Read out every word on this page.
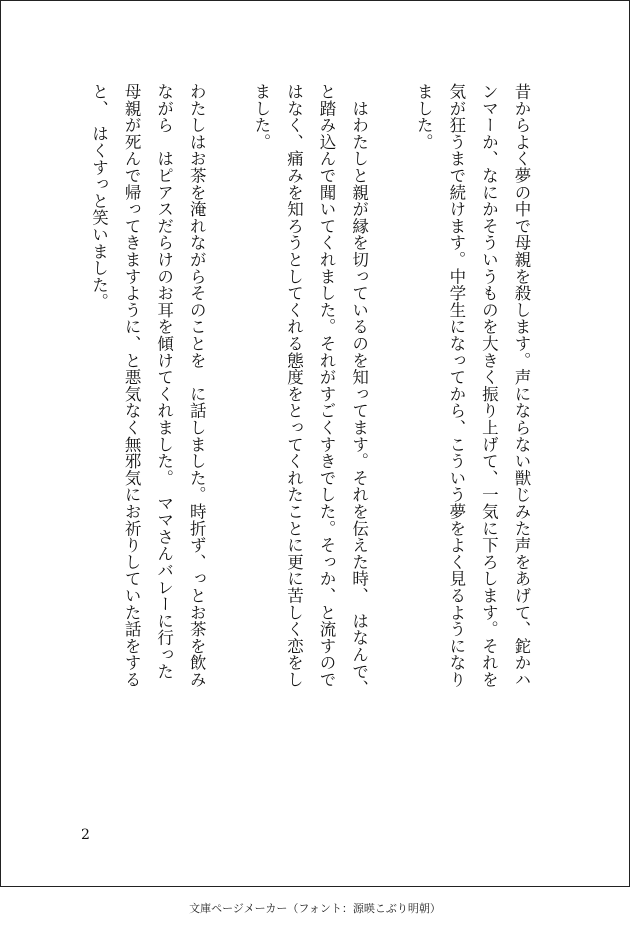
昔からよく夢の中で母親を殺します。声にならない獣じみた声をあげて、鉈かハ
ンマーか、なにかそういうものを大きく振り上げて、一気に下ろします。それを
気が狂うまで続けます。中学生になってから、こういう夢をよく見るようになり
ました。

　はわたしと親が縁を切っているのを知ってます。それを伝えた時、　はなんで、
と踏み込んで聞いてくれました。それがすごくすきでした。そっか、と流すので
はなく、痛みを知ろうとしてくれる態度をとってくれたことに更に苦しく恋をし
ました。

わたしはお茶を淹れながらそのことを　に話しました。時折ず、っとお茶を飲み
ながら　はピアスだらけのお耳を傾けてくれました。　ママさんバレーに行った
母親が死んで帰ってきますように、と悪気なく無邪気にお祈りしていた話をする
と、　はくすっと笑いました。

2
文庫ページメーカー（フォント：源暎こぶり明朝）
